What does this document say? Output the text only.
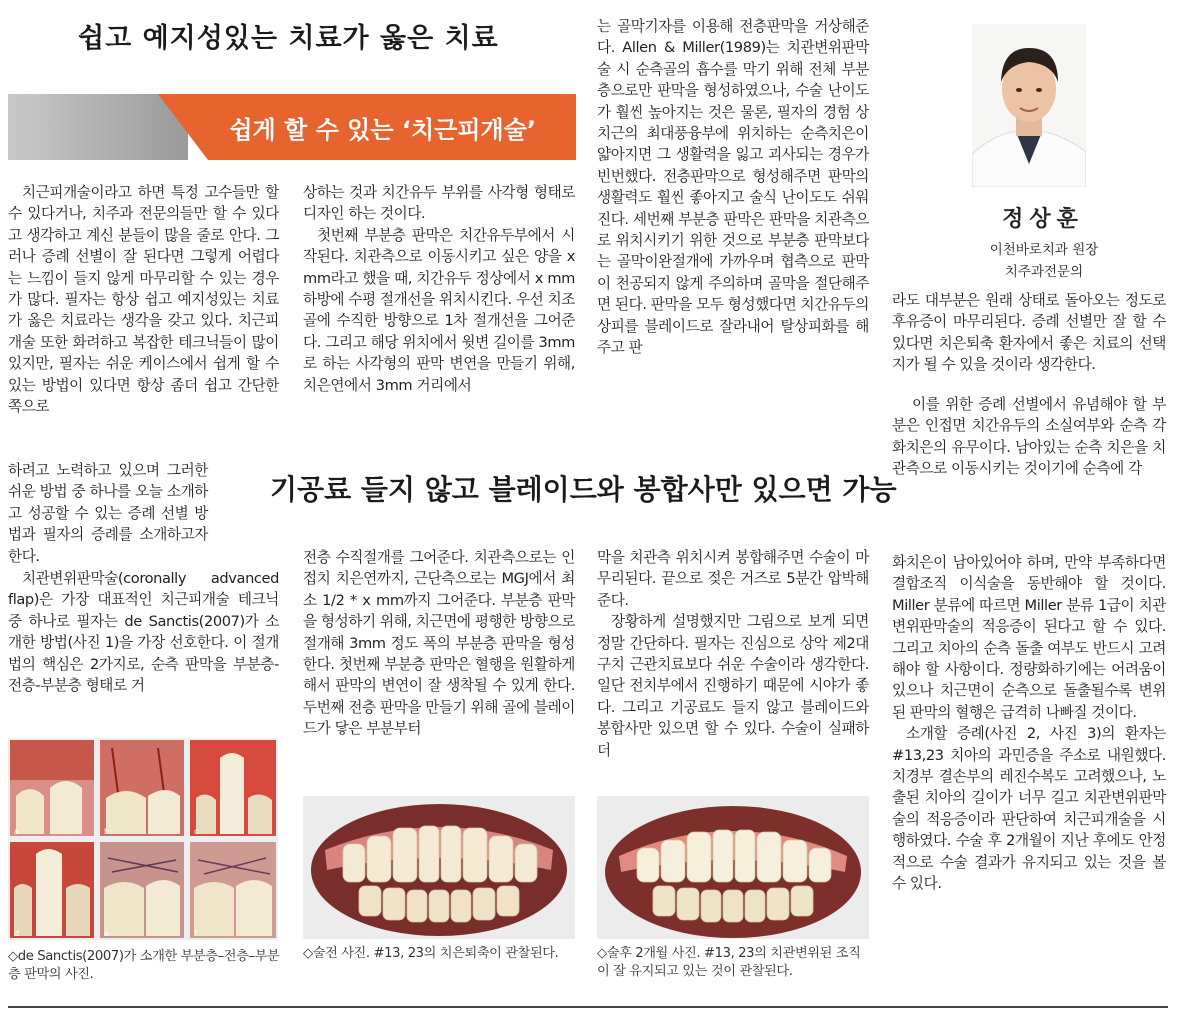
쉽고 예지성있는 치료가 옳은 치료
쉽게 할 수 있는 ‘치근피개술’

치근피개술이라고 하면 특정 고수들만 할 수 있다거나, 치주과 전문의들만 할 수 있다고 생각하고 계신 분들이 많을 줄로 안다. 그러나 증례 선별이 잘 된다면 그렇게 어렵다는 느낌이 들지 않게 마무리할 수 있는 경우가 많다. 필자는 항상 쉽고 예지성있는 치료가 옳은 치료라는 생각을 갖고 있다. 치근피개술 또한 화려하고 복잡한 테크닉들이 많이 있지만, 필자는 쉬운 케이스에서 쉽게 할 수 있는 방법이 있다면 항상 좀더 쉽고 간단한 쪽으로

하려고 노력하고 있으며 그러한 쉬운 방법 중 하나를 오늘 소개하고 성공할 수 있는 증례 선별 방법과 필자의 증례를 소개하고자 한다.

치관변위판막술(coronally advanced flap)은 가장 대표적인 치근피개술 테크닉 중 하나로 필자는 de Sanctis(2007)가 소개한 방법(사진 1)을 가장 선호한다. 이 절개법의 핵심은 2가지로, 순측 판막을 부분층-전층-부분층 형태로 거

상하는 것과 치간유두 부위를 사각형 형태로 디자인 하는 것이다.

첫번째 부분층 판막은 치간유두부에서 시작된다. 치관측으로 이동시키고 싶은 양을 x mm라고 했을 때, 치간유두 정상에서 x mm 하방에 수평 절개선을 위치시킨다. 우선 치조골에 수직한 방향으로 1차 절개선을 그어준다. 그리고 해당 위치에서 윗변 길이를 3mm로 하는 사각형의 판막 변연을 만들기 위해, 치은연에서 3mm 거리에서

는 골막기자를 이용해 전층판막을 거상해준다. Allen & Miller(1989)는 치관변위판막술 시 순측골의 흡수를 막기 위해 전체 부분층으로만 판막을 형성하였으나, 수술 난이도가 훨씬 높아지는 것은 물론, 필자의 경험 상 치근의 최대풍융부에 위치하는 순측치은이 얇아지면 그 생활력을 잃고 괴사되는 경우가 빈번했다. 전층판막으로 형성해주면 판막의 생활력도 훨씬 좋아지고 술식 난이도도 쉬워진다. 세번째 부분층 판막은 판막을 치관측으로 위치시키기 위한 것으로 부분층 판막보다는 골막이완절개에 가까우며 협측으로 판막이 천공되지 않게 주의하며 골막을 절단해주면 된다. 판막을 모두 형성했다면 치간유두의 상피를 블레이드로 잘라내어 탈상피화를 해주고 판

정상훈
이천바로치과 원장
치주과전문의

라도 대부분은 원래 상태로 돌아오는 정도로 후유증이 마무리된다. 증례 선별만 잘 할 수 있다면 치은퇴축 환자에서 좋은 치료의 선택지가 될 수 있을 것이라 생각한다.

이를 위한 증례 선별에서 유념해야 할 부분은 인접면 치간유두의 소실여부와 순측 각화치은의 유무이다. 남아있는 순측 치은을 치관측으로 이동시키는 것이기에 순측에 각

화치은이 남아있어야 하며, 만약 부족하다면 결합조직 이식술을 동반해야 할 것이다. Miller 분류에 따르면 Miller 분류 1급이 치관변위판막술의 적응증이 된다고 할 수 있다. 그리고 치아의 순측 돌출 여부도 반드시 고려해야 할 사항이다. 정량화하기에는 어려움이 있으나 치근면이 순측으로 돌출될수록 변위된 판막의 혈행은 급격히 나빠질 것이다.

소개할 증례(사진 2, 사진 3)의 환자는 #13,23 치아의 과민증을 주소로 내원했다. 치경부 결손부의 레진수복도 고려했으나, 노출된 치아의 길이가 너무 길고 치관변위판막술의 적응증이라 판단하여 치근피개술을 시행하였다. 수술 후 2개월이 지난 후에도 안정적으로 수술 결과가 유지되고 있는 것을 볼 수 있다.

기공료 들지 않고 블레이드와 봉합사만 있으면 가능

전층 수직절개를 그어준다. 치관측으로는 인접치 치은연까지, 근단측으로는 MGJ에서 최소 1/2 * x mm까지 그어준다. 부분층 판막을 형성하기 위해, 치근면에 평행한 방향으로 절개해 3mm 정도 폭의 부분층 판막을 형성한다. 첫번째 부분층 판막은 혈행을 원활하게 해서 판막의 변연이 잘 생착될 수 있게 한다. 두번째 전층 판막을 만들기 위해 골에 블레이드가 닿은 부분부터

막을 치관측 위치시켜 봉합해주면 수술이 마무리된다. 끝으로 젖은 거즈로 5분간 압박해준다.

장황하게 설명했지만 그림으로 보게 되면 정말 간단하다. 필자는 진심으로 상악 제2대구치 근관치료보다 쉬운 수술이라 생각한다. 일단 전치부에서 진행하기 때문에 시야가 좋다. 그리고 기공료도 들지 않고 블레이드와 봉합사만 있으면 할 수 있다. 수술이 실패하더

a	b	c
d	e	f
◇de Sanctis(2007)가 소개한 부분층–전층–부분층 판막의 사진.
◇술전 사진. #13, 23의 치은퇴축이 관찰된다.	◇술후 2개월 사진. #13, 23의 치관변위된 조직이 잘 유지되고 있는 것이 관찰된다.
